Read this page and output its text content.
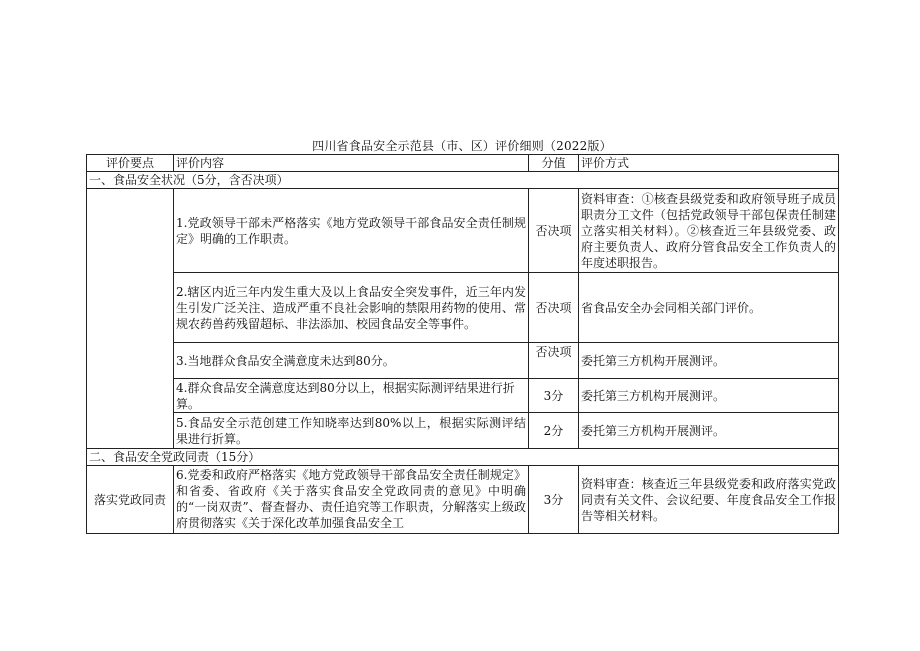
四川省食品安全示范县（市、区）评价细则（2022版）
评价要点	评价内容	分值	评价方式
一、食品安全状况（5分，含否决项）			
	1.党政领导干部未严格落实《地方党政领导干部食品安全责任制规定》明确的工作职责。	否决项	资料审查：①核查县级党委和政府领导班子成员职责分工文件（包括党政领导干部包保责任制建立落实相关材料）。②核查近三年县级党委、政府主要负责人、政府分管食品安全工作负责人的年度述职报告。
	2.辖区内近三年内发生重大及以上食品安全突发事件，近三年内发生引发广泛关注、造成严重不良社会影响的禁限用药物的使用、常规农药兽药残留超标、非法添加、校园食品安全等事件。	否决项	省食品安全办会同相关部门评价。
	3.当地群众食品安全满意度未达到80分。	否决项	委托第三方机构开展测评。
	4.群众食品安全满意度达到80分以上，根据实际测评结果进行折算。	3分	委托第三方机构开展测评。
	5.食品安全示范创建工作知晓率达到80%以上，根据实际测评结果进行折算。	2分	委托第三方机构开展测评。
二、食品安全党政同责（15分）			
落实党政同责	6.党委和政府严格落实《地方党政领导干部食品安全责任制规定》和省委、省政府《关于落实食品安全党政同责的意见》中明确的“一岗双责”、督查督办、责任追究等工作职责，分解落实上级政府贯彻落实《关于深化改革加强食品安全工	3分	资料审查：核查近三年县级党委和政府落实党政同责有关文件、会议纪要、年度食品安全工作报告等相关材料。
